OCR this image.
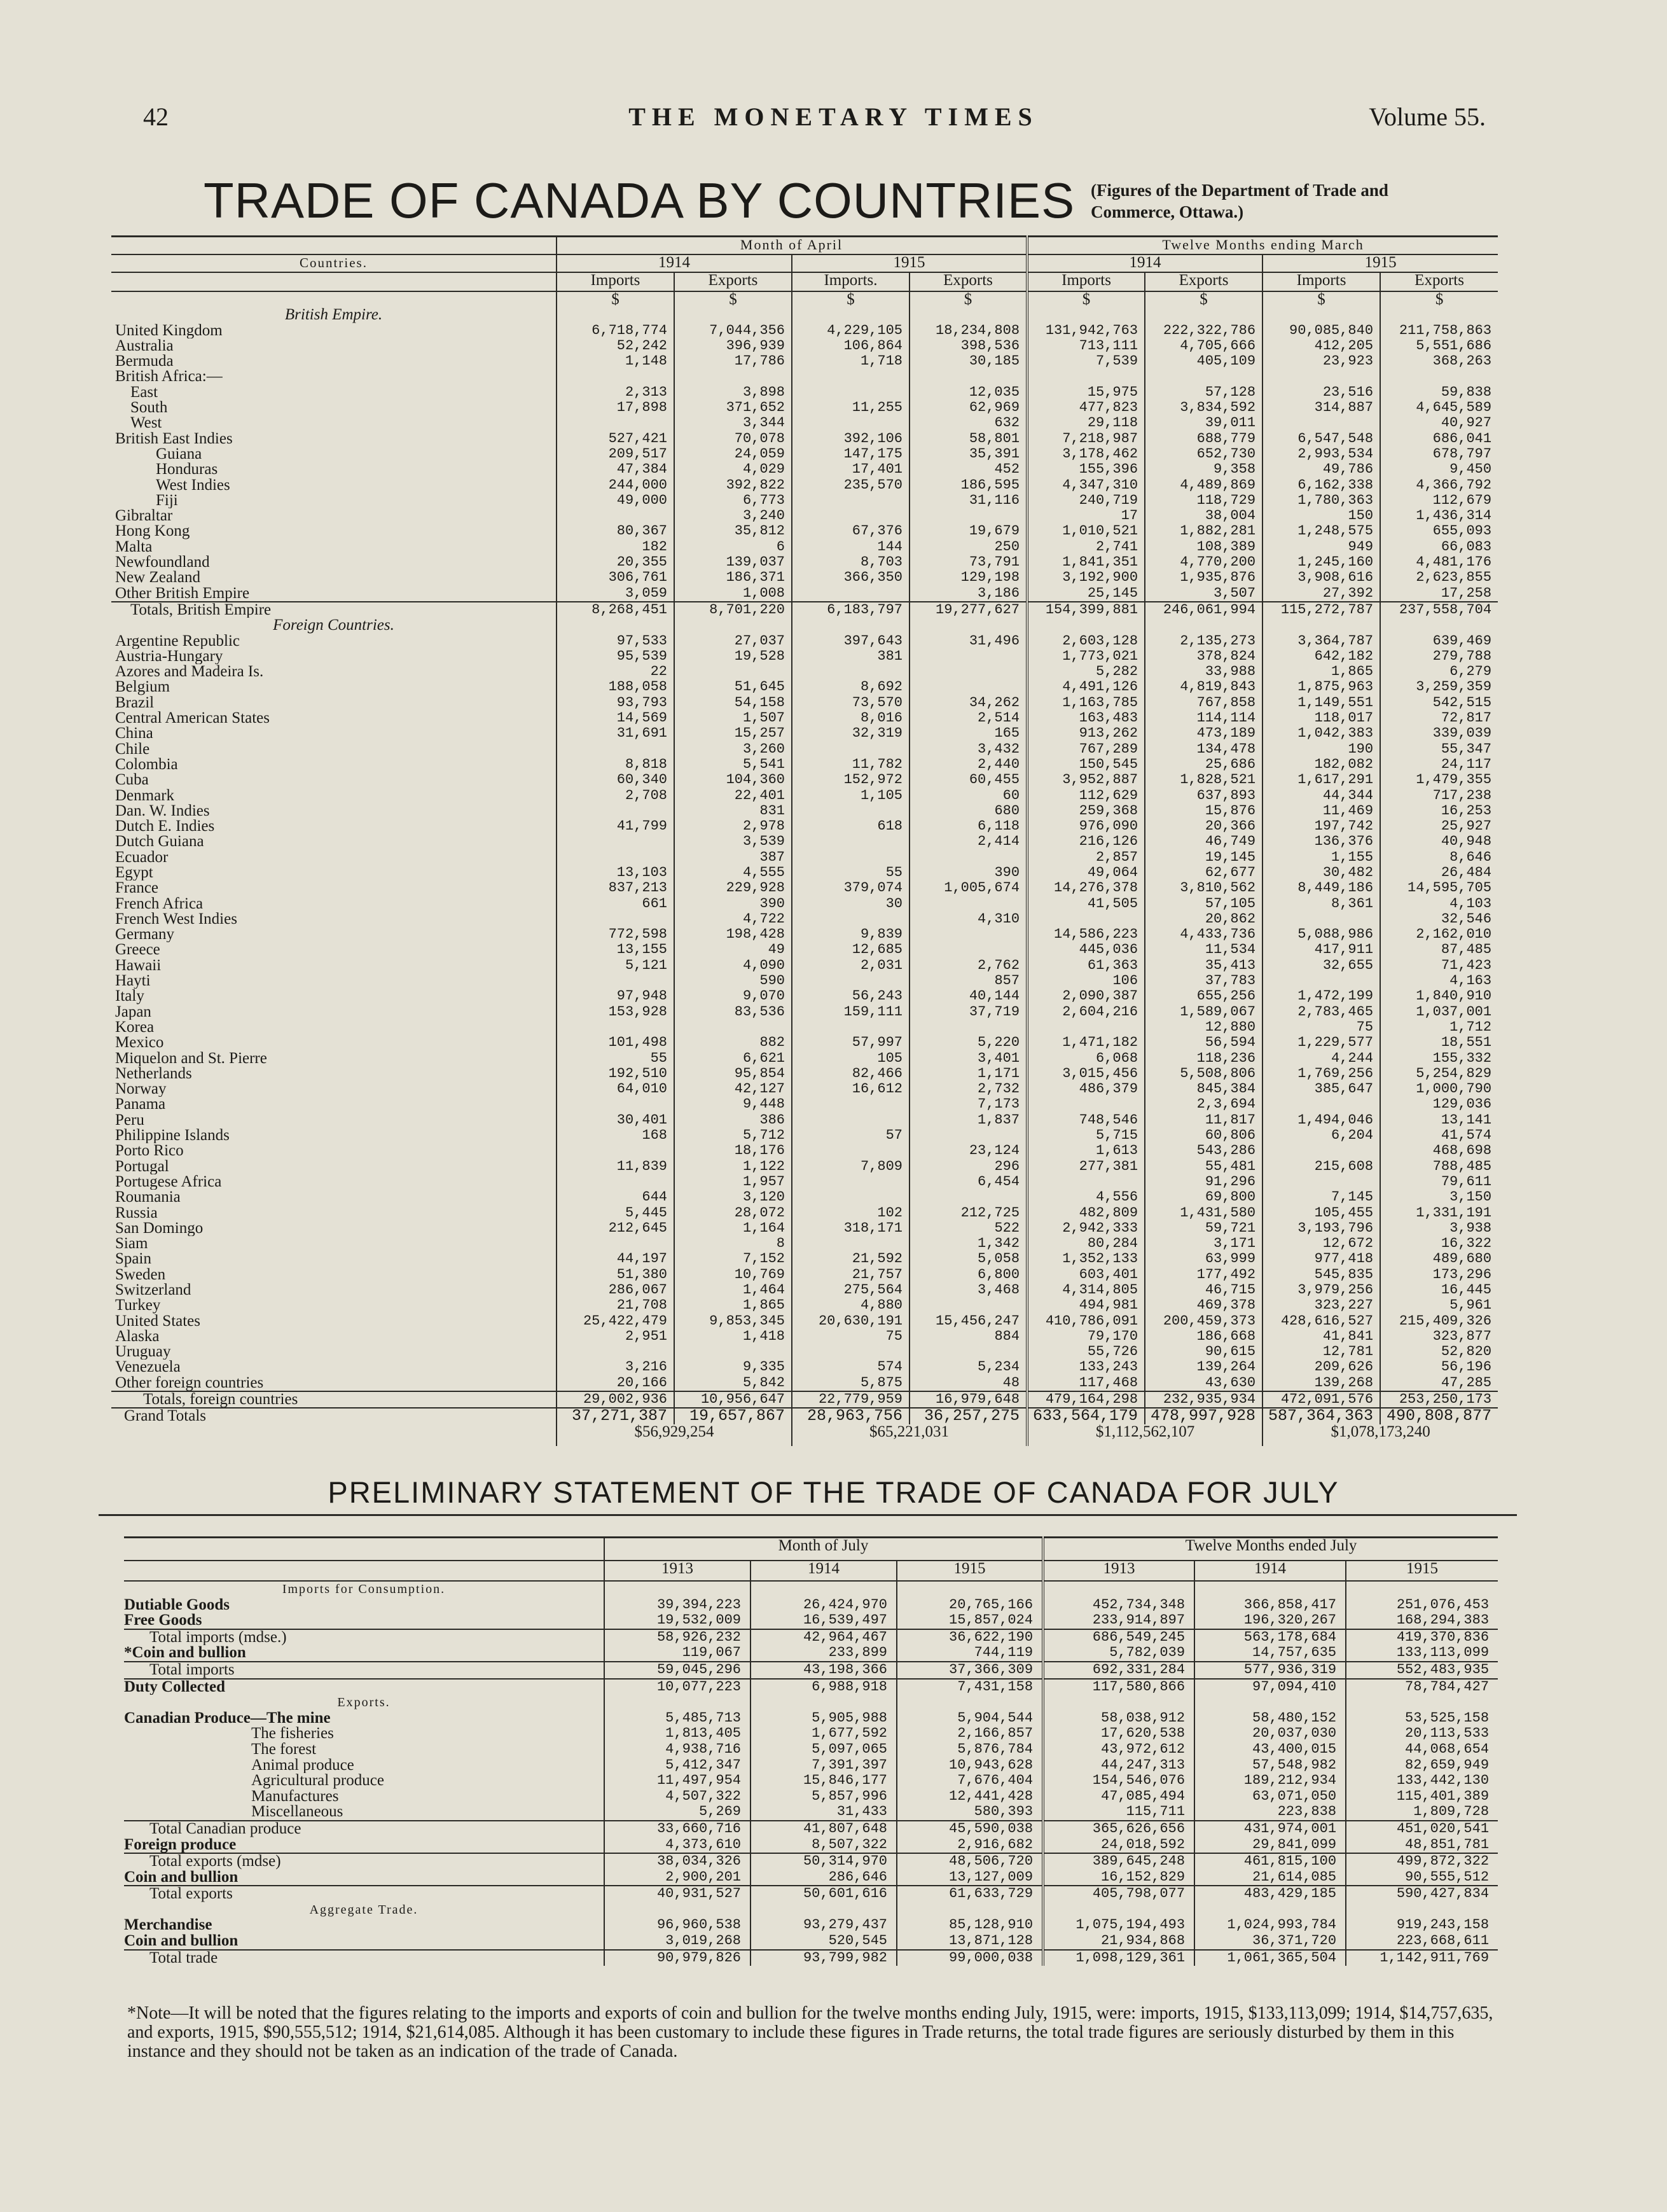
42	THE MONETARY TIMES	Volume 55.
TRADE OF CANADA BY COUNTRIES (Figures of the Department of Trade and Commerce, Ottawa.)
	Month of April				Twelve Months ending March			
Countries.	1914		1915		1914		1915	
	Imports	Exports	Imports.	Exports	Imports	Exports	Imports	Exports
	$	$	$	$	$	$	$	$
British Empire.								
United Kingdom	6,718,774	7,044,356	4,229,105	18,234,808	131,942,763	222,322,786	90,085,840	211,758,863
Australia	52,242	396,939	106,864	398,536	713,111	4,705,666	412,205	5,551,686
Bermuda	1,148	17,786	1,718	30,185	7,539	405,109	23,923	368,263
British Africa:—								
East	2,313	3,898		12,035	15,975	57,128	23,516	59,838
South	17,898	371,652	11,255	62,969	477,823	3,834,592	314,887	4,645,589
West		3,344		632	29,118	39,011		40,927
British East Indies	527,421	70,078	392,106	58,801	7,218,987	688,779	6,547,548	686,041
Guiana	209,517	24,059	147,175	35,391	3,178,462	652,730	2,993,534	678,797
Honduras	47,384	4,029	17,401	452	155,396	9,358	49,786	9,450
West Indies	244,000	392,822	235,570	186,595	4,347,310	4,489,869	6,162,338	4,366,792
Fiji	49,000	6,773		31,116	240,719	118,729	1,780,363	112,679
Gibraltar		3,240			17	38,004	150	1,436,314
Hong Kong	80,367	35,812	67,376	19,679	1,010,521	1,882,281	1,248,575	655,093
Malta	182	6	144	250	2,741	108,389	949	66,083
Newfoundland	20,355	139,037	8,703	73,791	1,841,351	4,770,200	1,245,160	4,481,176
New Zealand	306,761	186,371	366,350	129,198	3,192,900	1,935,876	3,908,616	2,623,855
Other British Empire	3,059	1,008		3,186	25,145	3,507	27,392	17,258
Totals, British Empire	8,268,451	8,701,220	6,183,797	19,277,627	154,399,881	246,061,994	115,272,787	237,558,704
Foreign Countries.								
Argentine Republic	97,533	27,037	397,643	31,496	2,603,128	2,135,273	3,364,787	639,469
Austria-Hungary	95,539	19,528	381		1,773,021	378,824	642,182	279,788
Azores and Madeira Is.	22				5,282	33,988	1,865	6,279
Belgium	188,058	51,645	8,692		4,491,126	4,819,843	1,875,963	3,259,359
Brazil	93,793	54,158	73,570	34,262	1,163,785	767,858	1,149,551	542,515
Central American States	14,569	1,507	8,016	2,514	163,483	114,114	118,017	72,817
China	31,691	15,257	32,319	165	913,262	473,189	1,042,383	339,039
Chile		3,260		3,432	767,289	134,478	190	55,347
Colombia	8,818	5,541	11,782	2,440	150,545	25,686	182,082	24,117
Cuba	60,340	104,360	152,972	60,455	3,952,887	1,828,521	1,617,291	1,479,355
Denmark	2,708	22,401	1,105	60	112,629	637,893	44,344	717,238
Dan. W. Indies		831		680	259,368	15,876	11,469	16,253
Dutch E. Indies	41,799	2,978	618	6,118	976,090	20,366	197,742	25,927
Dutch Guiana		3,539		2,414	216,126	46,749	136,376	40,948
Ecuador		387			2,857	19,145	1,155	8,646
Egypt	13,103	4,555	55	390	49,064	62,677	30,482	26,484
France	837,213	229,928	379,074	1,005,674	14,276,378	3,810,562	8,449,186	14,595,705
French Africa	661	390	30		41,505	57,105	8,361	4,103
French West Indies		4,722		4,310		20,862		32,546
Germany	772,598	198,428	9,839		14,586,223	4,433,736	5,088,986	2,162,010
Greece	13,155	49	12,685		445,036	11,534	417,911	87,485
Hawaii	5,121	4,090	2,031	2,762	61,363	35,413	32,655	71,423
Hayti		590		857	106	37,783		4,163
Italy	97,948	9,070	56,243	40,144	2,090,387	655,256	1,472,199	1,840,910
Japan	153,928	83,536	159,111	37,719	2,604,216	1,589,067	2,783,465	1,037,001
Korea						12,880	75	1,712
Mexico	101,498	882	57,997	5,220	1,471,182	56,594	1,229,577	18,551
Miquelon and St. Pierre	55	6,621	105	3,401	6,068	118,236	4,244	155,332
Netherlands	192,510	95,854	82,466	1,171	3,015,456	5,508,806	1,769,256	5,254,829
Norway	64,010	42,127	16,612	2,732	486,379	845,384	385,647	1,000,790
Panama		9,448		7,173		2,3,694		129,036
Peru	30,401	386		1,837	748,546	11,817	1,494,046	13,141
Philippine Islands	168	5,712	57		5,715	60,806	6,204	41,574
Porto Rico		18,176		23,124	1,613	543,286		468,698
Portugal	11,839	1,122	7,809	296	277,381	55,481	215,608	788,485
Portugese Africa		1,957		6,454		91,296		79,611
Roumania	644	3,120			4,556	69,800	7,145	3,150
Russia	5,445	28,072	102	212,725	482,809	1,431,580	105,455	1,331,191
San Domingo	212,645	1,164	318,171	522	2,942,333	59,721	3,193,796	3,938
Siam		8		1,342	80,284	3,171	12,672	16,322
Spain	44,197	7,152	21,592	5,058	1,352,133	63,999	977,418	489,680
Sweden	51,380	10,769	21,757	6,800	603,401	177,492	545,835	173,296
Switzerland	286,067	1,464	275,564	3,468	4,314,805	46,715	3,979,256	16,445
Turkey	21,708	1,865	4,880		494,981	469,378	323,227	5,961
United States	25,422,479	9,853,345	20,630,191	15,456,247	410,786,091	200,459,373	428,616,527	215,409,326
Alaska	2,951	1,418	75	884	79,170	186,668	41,841	323,877
Uruguay					55,726	90,615	12,781	52,820
Venezuela	3,216	9,335	574	5,234	133,243	139,264	209,626	56,196
Other foreign countries	20,166	5,842	5,875	48	117,468	43,630	139,268	47,285
Totals, foreign countries	29,002,936	10,956,647	22,779,959	16,979,648	479,164,298	232,935,934	472,091,576	253,250,173
Grand Totals	37,271,387	19,657,867	28,963,756	36,257,275	633,564,179	478,997,928	587,364,363	490,808,877
	$56,929,254		$65,221,031		$1,112,562,107		$1,078,173,240	
PRELIMINARY STATEMENT OF THE TRADE OF CANADA FOR JULY
	Month of July			Twelve Months ended July		
	1913	1914	1915	1913	1914	1915
Imports for Consumption.						
Dutiable Goods	39,394,223	26,424,970	20,765,166	452,734,348	366,858,417	251,076,453
Free Goods	19,532,009	16,539,497	15,857,024	233,914,897	196,320,267	168,294,383
Total imports (mdse.)	58,926,232	42,964,467	36,622,190	686,549,245	563,178,684	419,370,836
*Coin and bullion	119,067	233,899	744,119	5,782,039	14,757,635	133,113,099
Total imports	59,045,296	43,198,366	37,366,309	692,331,284	577,936,319	552,483,935
Duty Collected	10,077,223	6,988,918	7,431,158	117,580,866	97,094,410	78,784,427
Exports.						
Canadian Produce—The mine	5,485,713	5,905,988	5,904,544	58,038,912	58,480,152	53,525,158
The fisheries	1,813,405	1,677,592	2,166,857	17,620,538	20,037,030	20,113,533
The forest	4,938,716	5,097,065	5,876,784	43,972,612	43,400,015	44,068,654
Animal produce	5,412,347	7,391,397	10,943,628	44,247,313	57,548,982	82,659,949
Agricultural produce	11,497,954	15,846,177	7,676,404	154,546,076	189,212,934	133,442,130
Manufactures	4,507,322	5,857,996	12,441,428	47,085,494	63,071,050	115,401,389
Miscellaneous	5,269	31,433	580,393	115,711	223,838	1,809,728
Total Canadian produce	33,660,716	41,807,648	45,590,038	365,626,656	431,974,001	451,020,541
Foreign produce	4,373,610	8,507,322	2,916,682	24,018,592	29,841,099	48,851,781
Total exports (mdse)	38,034,326	50,314,970	48,506,720	389,645,248	461,815,100	499,872,322
Coin and bullion	2,900,201	286,646	13,127,009	16,152,829	21,614,085	90,555,512
Total exports	40,931,527	50,601,616	61,633,729	405,798,077	483,429,185	590,427,834
Aggregate Trade.						
Merchandise	96,960,538	93,279,437	85,128,910	1,075,194,493	1,024,993,784	919,243,158
Coin and bullion	3,019,268	520,545	13,871,128	21,934,868	36,371,720	223,668,611
Total trade	90,979,826	93,799,982	99,000,038	1,098,129,361	1,061,365,504	1,142,911,769
*Note—It will be noted that the figures relating to the imports and exports of coin and bullion for the twelve months ending July, 1915, were: imports, 1915, $133,113,099; 1914, $14,757,635, and exports, 1915, $90,555,512; 1914, $21,614,085. Although it has been customary to include these figures in Trade returns, the total trade figures are seriously disturbed by them in this instance and they should not be taken as an indication of the trade of Canada.
